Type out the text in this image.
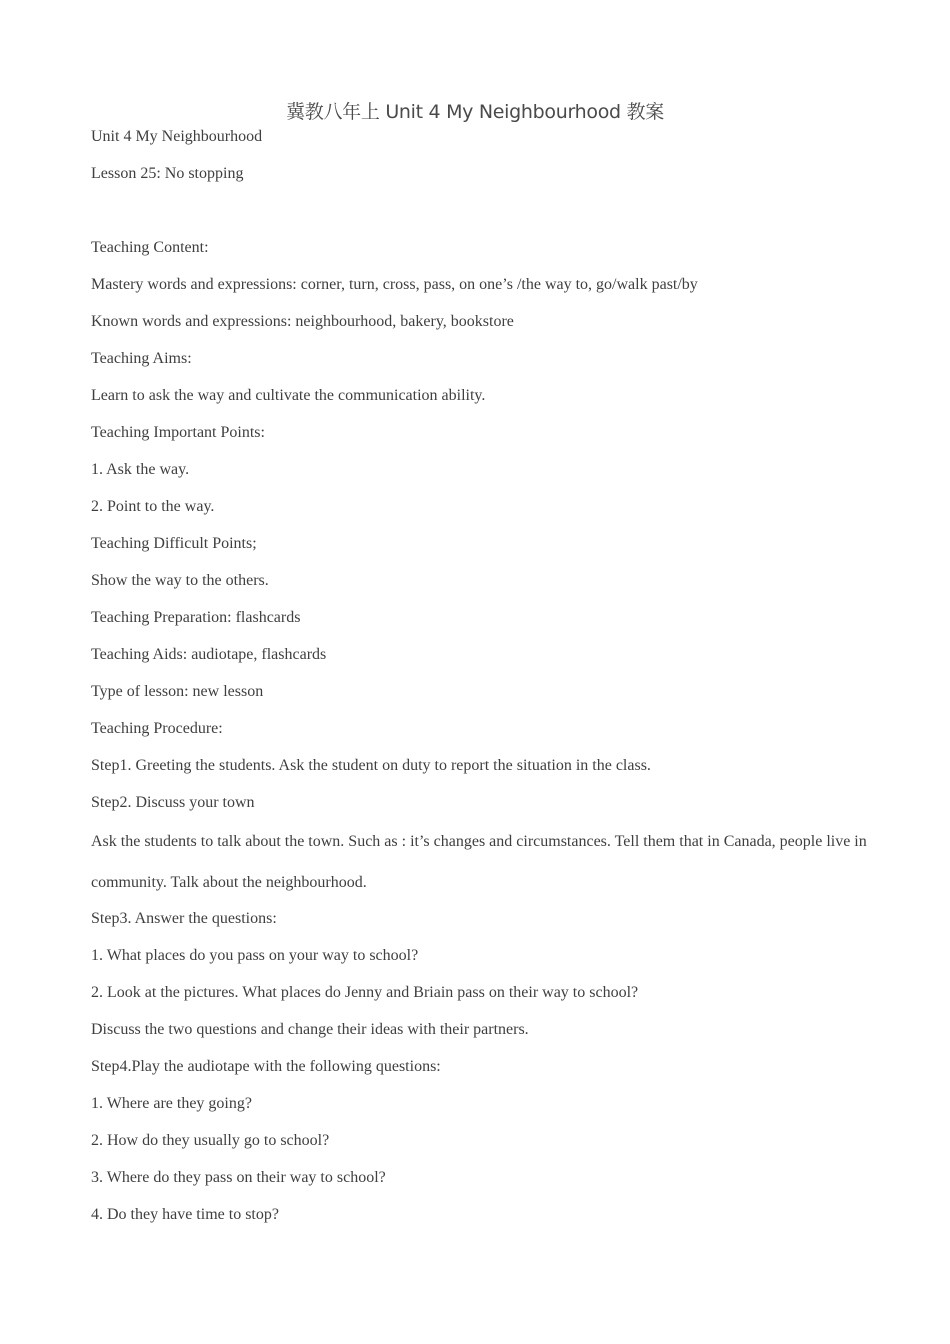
冀教八年上 Unit 4 My Neighbourhood 教案

Unit 4 My Neighbourhood

Lesson 25: No stopping

Teaching Content:

Mastery words and expressions: corner, turn, cross, pass, on one’s /the way to, go/walk past/by

Known words and expressions: neighbourhood, bakery, bookstore

Teaching Aims:

Learn to ask the way and cultivate the communication ability.

Teaching Important Points:

1. Ask the way.

2. Point to the way.

Teaching Difficult Points;

Show the way to the others.

Teaching Preparation: flashcards

Teaching Aids: audiotape, flashcards

Type of lesson: new lesson

Teaching Procedure:

Step1. Greeting the students. Ask the student on duty to report the situation in the class.

Step2. Discuss your town

Ask the students to talk about the town. Such as : it’s changes and circumstances. Tell them that in Canada, people live in community. Talk about the neighbourhood.

Step3. Answer the questions:

1. What places do you pass on your way to school?

2. Look at the pictures. What places do Jenny and Briain pass on their way to school?

Discuss the two questions and change their ideas with their partners.

Step4.Play the audiotape with the following questions:

1. Where are they going?

2. How do they usually go to school?

3. Where do they pass on their way to school?

4. Do they have time to stop?
